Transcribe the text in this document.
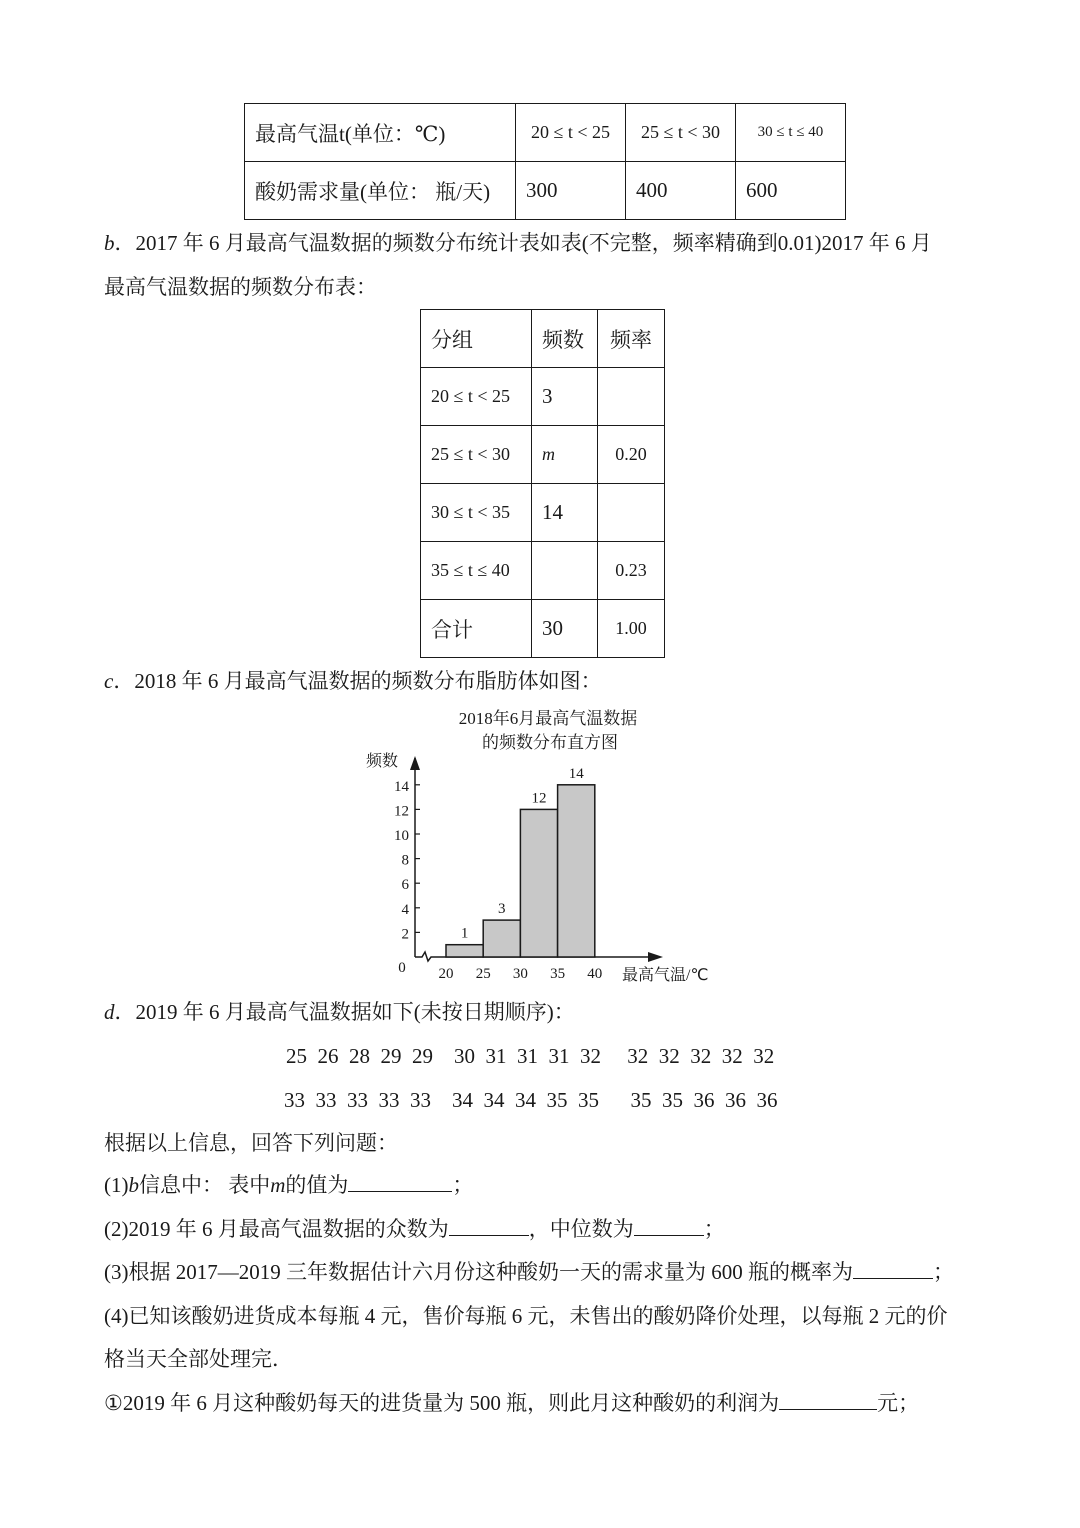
最高气温t(单位：℃)	20 ≤ t < 25	25 ≤ t < 30	30 ≤ t ≤ 40
酸奶需求量(单位： 瓶/天)	300	400	600
b．2017 年 6 月最高气温数据的频数分布统计表如表(不完整，频率精确到0.01)2017 年 6 月
最高气温数据的频数分布表：
分组	频数	频率
20 ≤ t < 25	3	
25 ≤ t < 30	m	0.20
30 ≤ t < 35	14	
35 ≤ t ≤ 40		0.23
合计	30	1.00
c．2018 年 6 月最高气温数据的频数分布脂肪体如图：
2018年6月最高气温数据
的频数分布直方图
频数
最高气温/℃
0
1
3
12
14
2
4
6
8
10
12
14
20 25 30 35 40
d．2019 年 6 月最高气温数据如下(未按日期顺序)：
25  26  28  29  29    30  31  31  31  32     32  32  32  32  32
33  33  33  33  33    34  34  34  35  35      35  35  36  36  36
根据以上信息，回答下列问题：
(1)b信息中： 表中m的值为	；
(2)2019 年 6 月最高气温数据的众数为	，中位数为	；
(3)根据 2017—2019 三年数据估计六月份这种酸奶一天的需求量为 600 瓶的概率为	；
(4)已知该酸奶进货成本每瓶 4 元，售价每瓶 6 元，未售出的酸奶降价处理，以每瓶 2 元的价
格当天全部处理完．
①2019 年 6 月这种酸奶每天的进货量为 500 瓶，则此月这种酸奶的利润为	元；
